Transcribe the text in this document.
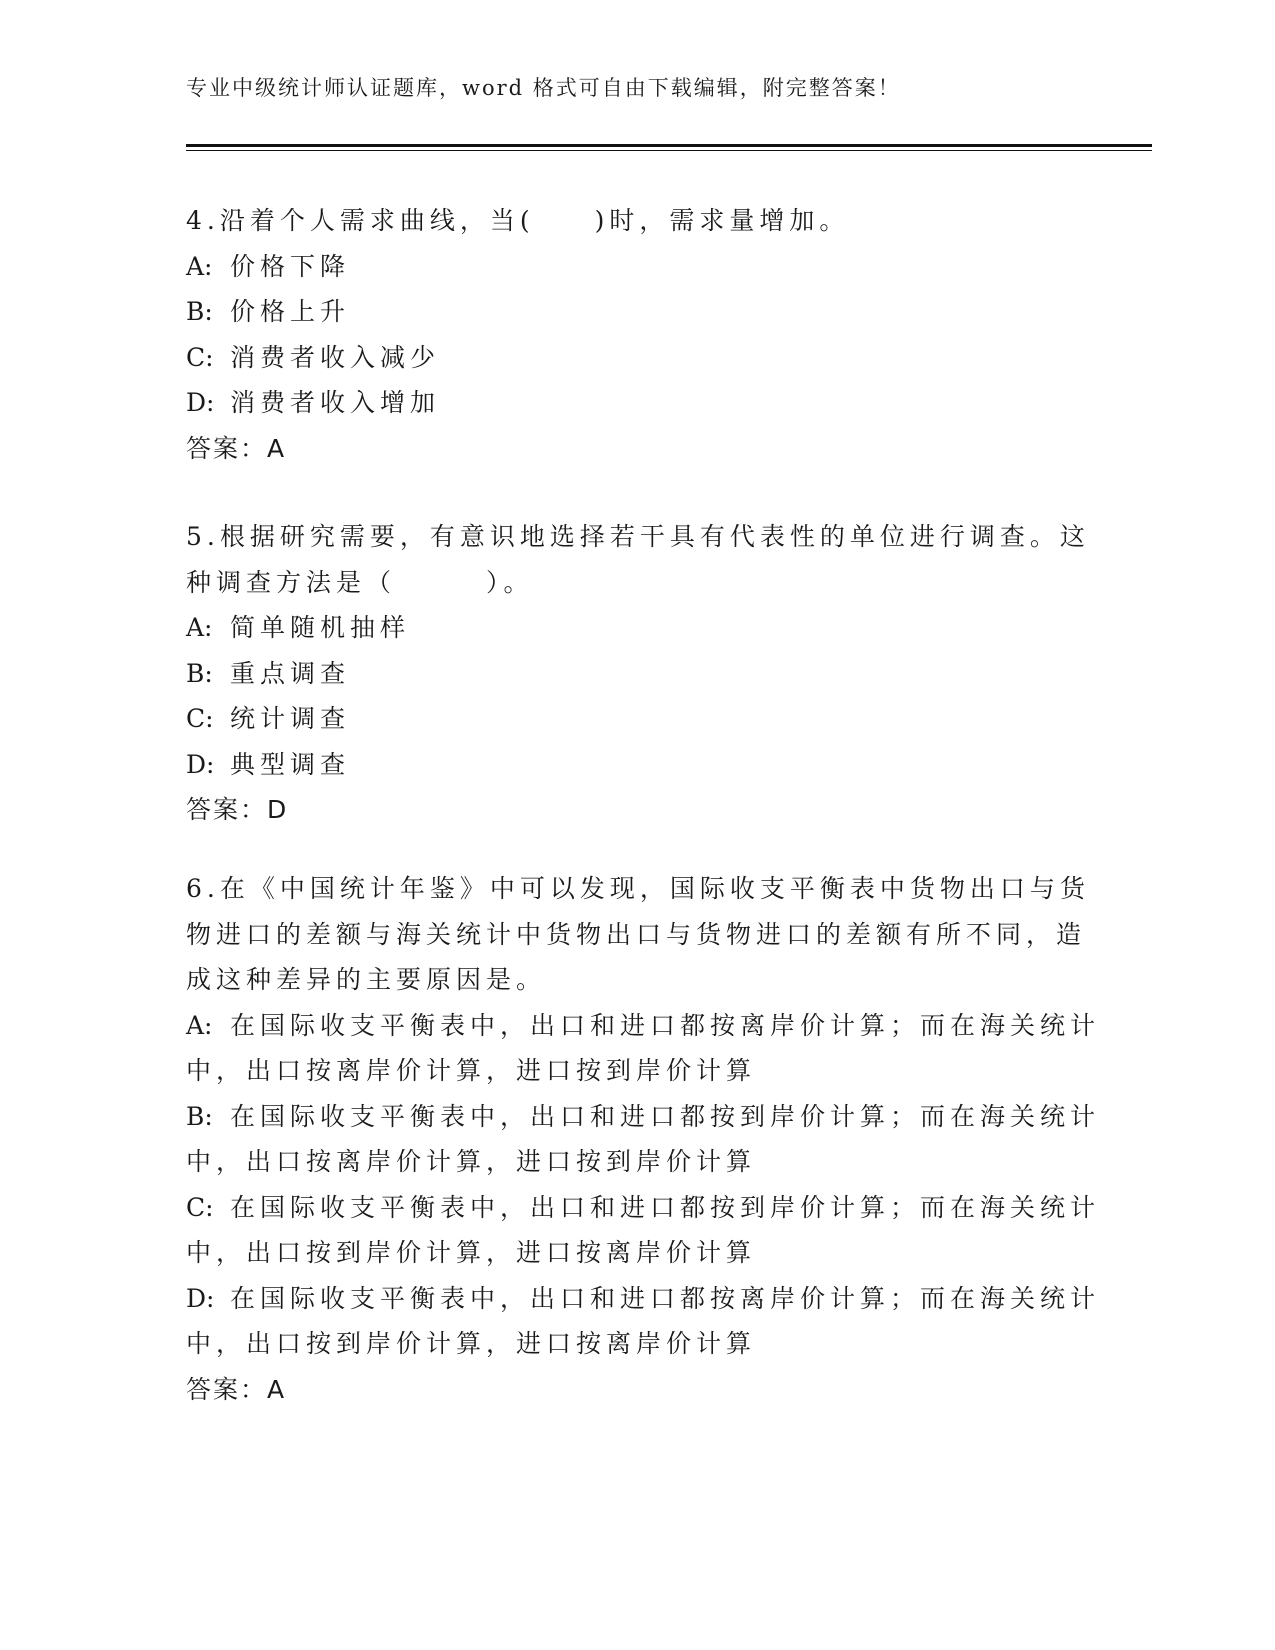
专业中级统计师认证题库，word 格式可自由下载编辑，附完整答案！
4.沿着个人需求曲线，当(　　)时，需求量增加。
A: 价格下降
B: 价格上升
C: 消费者收入减少
D: 消费者收入增加
答案：A
5.根据研究需要，有意识地选择若干具有代表性的单位进行调查。这
种调查方法是（　　　）。
A: 简单随机抽样
B: 重点调查
C: 统计调查
D: 典型调查
答案：D
6.在《中国统计年鉴》中可以发现，国际收支平衡表中货物出口与货
物进口的差额与海关统计中货物出口与货物进口的差额有所不同，造
成这种差异的主要原因是。
A: 在国际收支平衡表中，出口和进口都按离岸价计算；而在海关统计
中，出口按离岸价计算，进口按到岸价计算
B: 在国际收支平衡表中，出口和进口都按到岸价计算；而在海关统计
中，出口按离岸价计算，进口按到岸价计算
C: 在国际收支平衡表中，出口和进口都按到岸价计算；而在海关统计
中，出口按到岸价计算，进口按离岸价计算
D: 在国际收支平衡表中，出口和进口都按离岸价计算；而在海关统计
中，出口按到岸价计算，进口按离岸价计算
答案：A
